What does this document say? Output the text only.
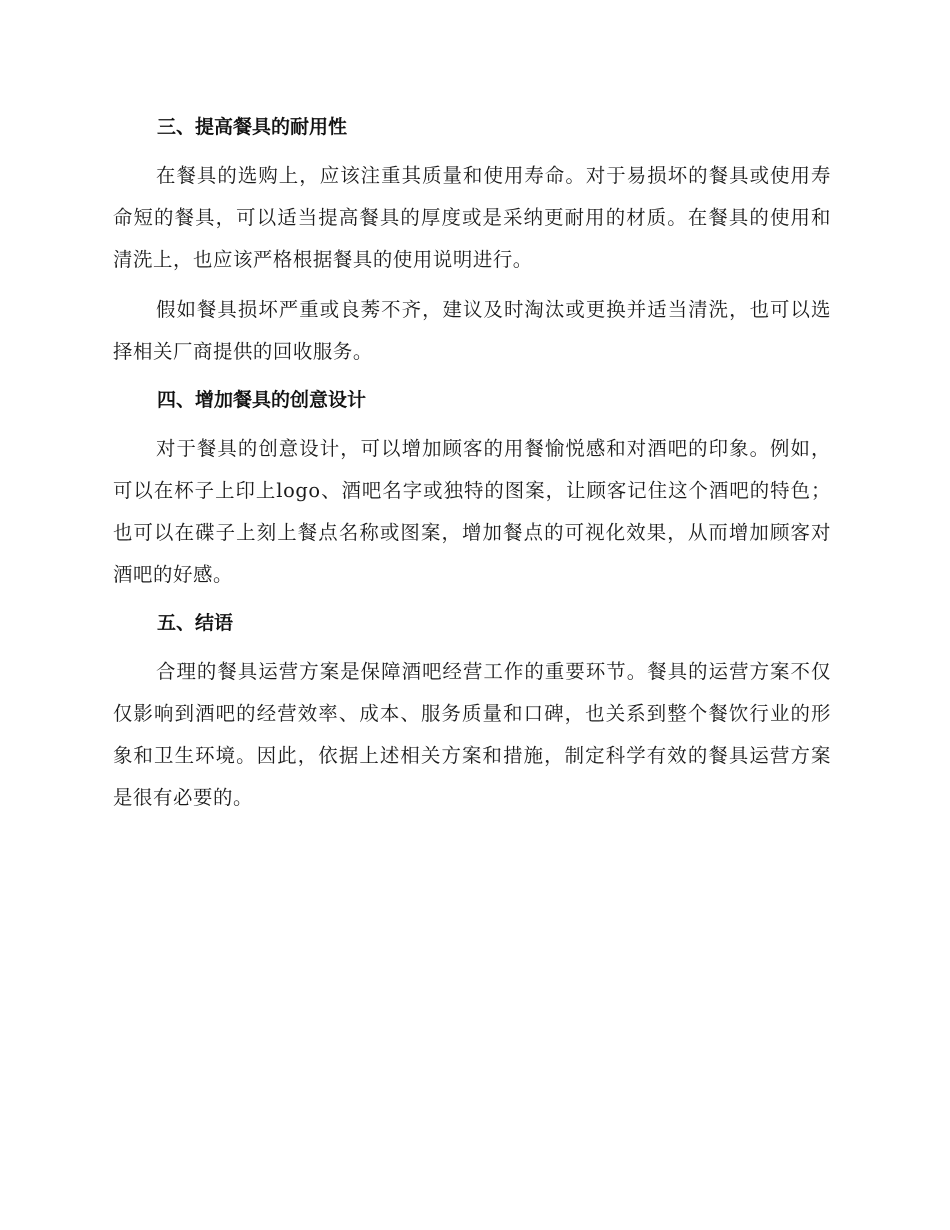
三、提高餐具的耐用性

在餐具的选购上，应该注重其质量和使用寿命。对于易损坏的餐具或使用寿命短的餐具，可以适当提高餐具的厚度或是采纳更耐用的材质。在餐具的使用和清洗上，也应该严格根据餐具的使用说明进行。

假如餐具损坏严重或良莠不齐，建议及时淘汰或更换并适当清洗，也可以选择相关厂商提供的回收服务。

四、增加餐具的创意设计

对于餐具的创意设计，可以增加顾客的用餐愉悦感和对酒吧的印象。例如，可以在杯子上印上logo、酒吧名字或独特的图案，让顾客记住这个酒吧的特色；也可以在碟子上刻上餐点名称或图案，增加餐点的可视化效果，从而增加顾客对酒吧的好感。

五、结语

合理的餐具运营方案是保障酒吧经营工作的重要环节。餐具的运营方案不仅仅影响到酒吧的经营效率、成本、服务质量和口碑，也关系到整个餐饮行业的形象和卫生环境。因此，依据上述相关方案和措施，制定科学有效的餐具运营方案是很有必要的。
